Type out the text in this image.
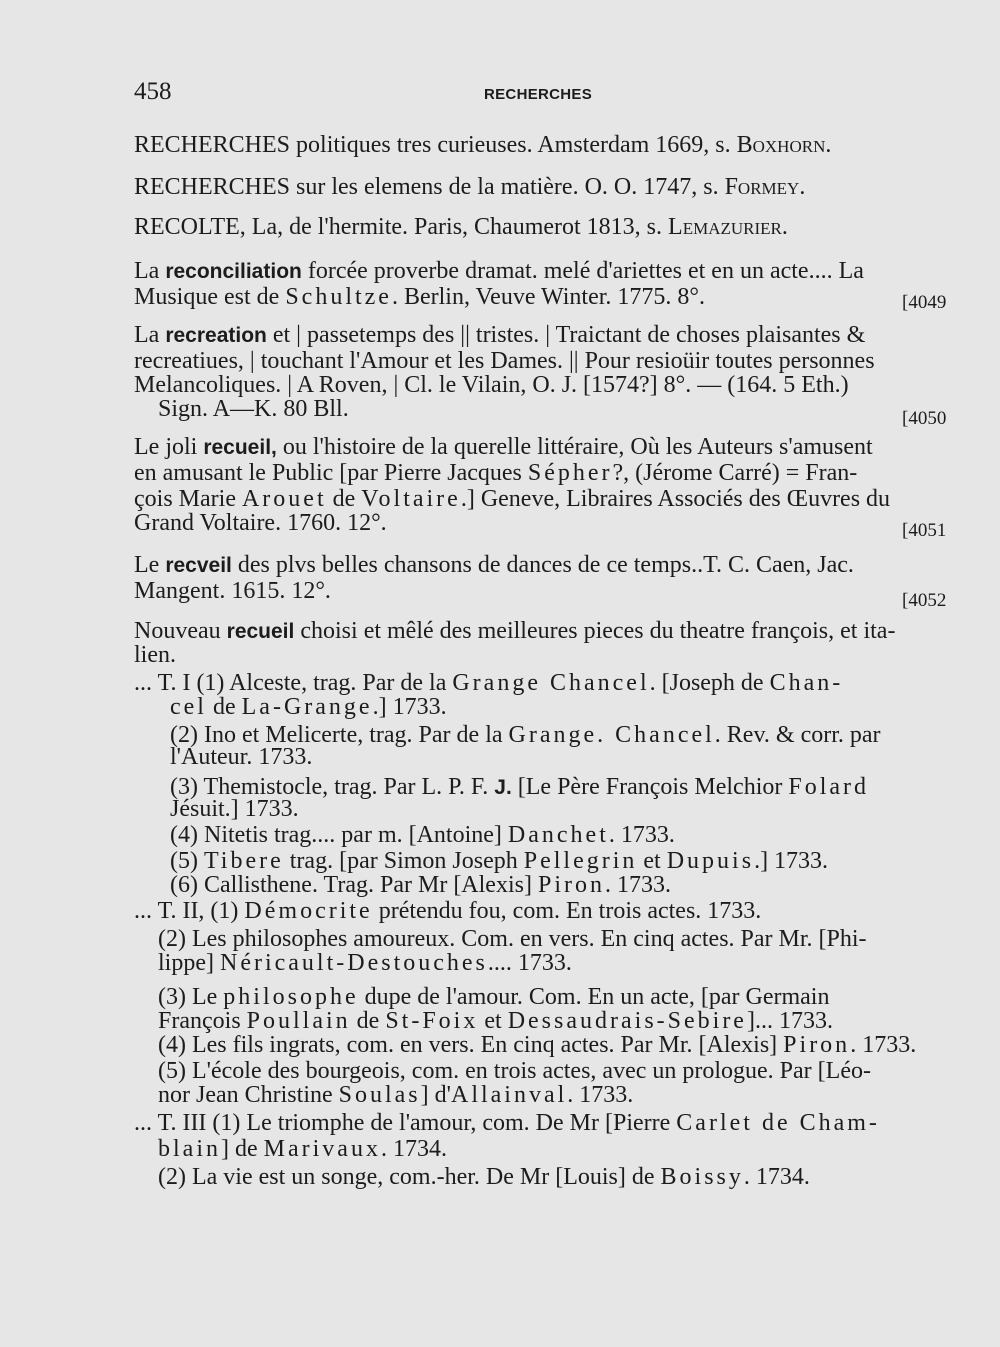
458	RECHERCHES
RECHERCHES politiques tres curieuses. Amsterdam 1669, s. Boxhorn.
RECHERCHES sur les elemens de la matière. O. O. 1747, s. Formey.
RECOLTE, La, de l'hermite. Paris, Chaumerot 1813, s. Lemazurier.
La reconciliation forcée proverbe dramat. melé d'ariettes et en un acte.... La
Musique est de Schultze. Berlin, Veuve Winter. 1775. 8°.	[4049
La recreation et | passetemps des || tristes. | Traictant de choses plaisantes &
recreatiues, | touchant l'Amour et les Dames. || Pour resioüir toutes personnes
Melancoliques. | A Roven, | Cl. le Vilain, O. J. [1574?] 8°. — (164. 5 Eth.)
Sign. A—K. 80 Bll.	[4050
Le joli recueil, ou l'histoire de la querelle littéraire, Où les Auteurs s'amusent
en amusant le Public [par Pierre Jacques Sépher?, (Jérome Carré) = Fran-
çois Marie Arouet de Voltaire.] Geneve, Libraires Associés des Œuvres du
Grand Voltaire. 1760. 12°.	[4051
Le recveil des plvs belles chansons de dances de ce temps..T. C. Caen, Jac.
Mangent. 1615. 12°.	[4052
Nouveau recueil choisi et mêlé des meilleures pieces du theatre françois, et ita-
lien.
... T. I (1) Alceste, trag. Par de la Grange Chancel. [Joseph de Chan-
cel de La-Grange.] 1733.
(2) Ino et Melicerte, trag. Par de la Grange. Chancel. Rev. & corr. par
l'Auteur. 1733.
(3) Themistocle, trag. Par L. P. F. J. [Le Père François Melchior Folard
Jésuit.] 1733.
(4) Nitetis trag.... par m. [Antoine] Danchet. 1733.
(5) Tibere trag. [par Simon Joseph Pellegrin et Dupuis.] 1733.
(6) Callisthene. Trag. Par Mr [Alexis] Piron. 1733.
... T. II, (1) Démocrite prétendu fou, com. En trois actes. 1733.
(2) Les philosophes amoureux. Com. en vers. En cinq actes. Par Mr. [Phi-
lippe] Néricault-Destouches.... 1733.
(3) Le philosophe dupe de l'amour. Com. En un acte, [par Germain
François Poullain de St-Foix et Dessaudrais-Sebire]... 1733.
(4) Les fils ingrats, com. en vers. En cinq actes. Par Mr. [Alexis] Piron. 1733.
(5) L'école des bourgeois, com. en trois actes, avec un prologue. Par [Léo-
nor Jean Christine Soulas] d'Allainval. 1733.
... T. III (1) Le triomphe de l'amour, com. De Mr [Pierre Carlet de Cham-
blain] de Marivaux. 1734.
(2) La vie est un songe, com.-her. De Mr [Louis] de Boissy. 1734.
